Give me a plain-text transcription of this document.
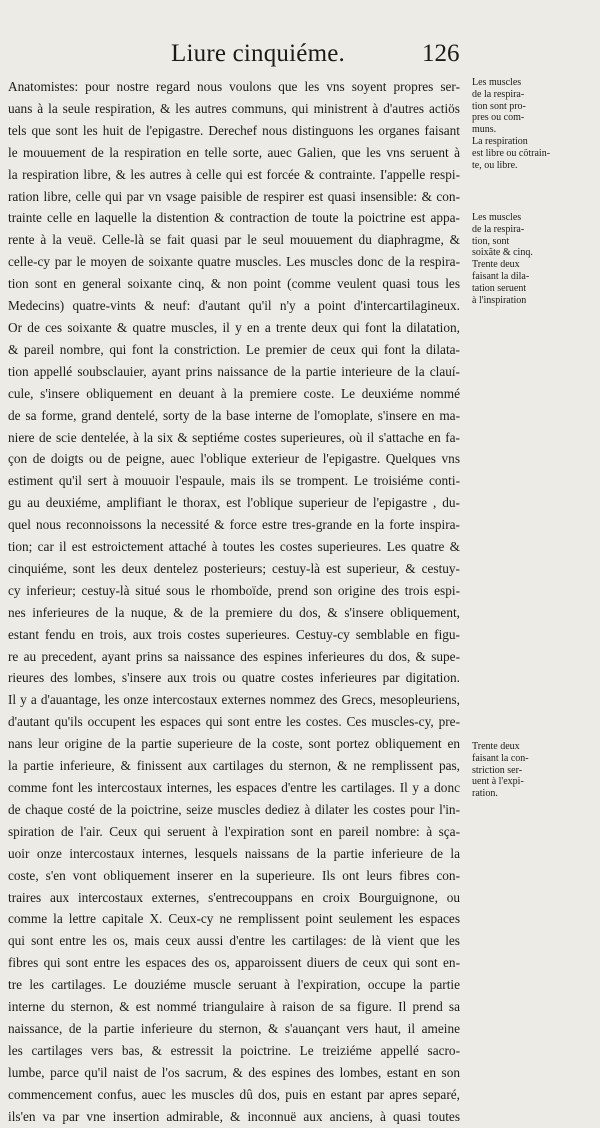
Liure cinquiéme.	126
Anatomistes: pour nostre regard nous voulons que les vns soyent propres ser-
uans à la seule respiration, & les autres communs, qui ministrent à d'autres actiös
tels que sont les huit de l'epigastre. Derechef nous distinguons les organes faisant
le mouuement de la respiration en telle sorte, auec Galien, que les vns seruent à
la respiration libre, & les autres à celle qui est forcée & contrainte. I'appelle respi-
ration libre, celle qui par vn vsage paisible de respirer est quasi insensible: & con-
trainte celle en laquelle la distention & contraction de toute la poictrine est appa-
rente à la veuë. Celle-là se fait quasi par le seul mouuement du diaphragme, &
celle-cy par le moyen de soixante quatre muscles. Les muscles donc de la respira-
tion sont en general soixante cinq, & non point (comme veulent quasi tous les
Medecins) quatre-vints & neuf: d'autant qu'il n'y a point d'intercartilagineux.
Or de ces soixante & quatre muscles, il y en a trente deux qui font la dilatation,
& pareil nombre, qui font la constriction. Le premier de ceux qui font la dilata-
tion appellé soubsclauier, ayant prins naissance de la partie interieure de la clauí-
cule, s'insere obliquement en deuant à la premiere coste. Le deuxiéme nommé
de sa forme, grand dentelé, sorty de la base interne de l'omoplate, s'insere en ma-
niere de scie dentelée, à la six & septiéme costes superieures, où il s'attache en fa-
çon de doigts ou de peigne, auec l'oblique exterieur de l'epigastre. Quelques vns
estiment qu'il sert à mouuoir l'espaule, mais ils se trompent. Le troisiéme conti-
gu au deuxiéme, amplifiant le thorax, est l'oblique superieur de l'epigastre , du-
quel nous reconnoissons la necessité & force estre tres-grande en la forte inspira-
tion; car il est estroictement attaché à toutes les costes superieures. Les quatre &
cinquiéme, sont les deux dentelez posterieurs; cestuy-là est superieur, & cestuy-
cy inferieur; cestuy-là situé sous le rhomboïde, prend son origine des trois espi-
nes inferieures de la nuque, & de la premiere du dos, & s'insere obliquement,
estant fendu en trois, aux trois costes superieures. Cestuy-cy semblable en figu-
re au precedent, ayant prins sa naissance des espines inferieures du dos, & supe-
rieures des lombes, s'insere aux trois ou quatre costes inferieures par digitation.
Il y a d'auantage, les onze intercostaux externes nommez des Grecs, mesopleuriens,
d'autant qu'ils occupent les espaces qui sont entre les costes. Ces muscles-cy, pre-
nans leur origine de la partie superieure de la coste, sont portez obliquement en
la partie inferieure, & finissent aux cartilages du sternon, & ne remplissent pas,
comme font les intercostaux internes, les espaces d'entre les cartilages. Il y a donc
de chaque costé de la poictrine, seize muscles dediez à dilater les costes pour l'in-
spiration de l'air. Ceux qui seruent à l'expiration sont en pareil nombre: à sça-
uoir onze intercostaux internes, lesquels naissans de la partie inferieure de la
coste, s'en vont obliquement inserer en la superieure. Ils ont leurs fibres con-
traires aux intercostaux externes, s'entrecouppans en croix Bourguignone, ou
comme la lettre capitale X. Ceux-cy ne remplissent point seulement les espaces
qui sont entre les os, mais ceux aussi d'entre les cartilages: de là vient que les
fibres qui sont entre les espaces des os, apparoissent diuers de ceux qui sont en-
tre les cartilages. Le douziéme muscle seruant à l'expiration, occupe la partie
interne du sternon, & est nommé triangulaire à raison de sa figure. Il prend sa
naissance, de la partie inferieure du sternon, & s'auançant vers haut, il ameine
les cartilages vers bas, & estressit la poictrine. Le treiziéme appellé sacro-
lumbe, parce qu'il naist de l'os sacrum, & des espines des lombes, estant en son
commencement confus, auec les muscles dû dos, puis en estant par apres separé,
ils'en va par vne insertion admirable, & inconnuë aux anciens, à quasi toutes
Les muscles
de la respira-
tion sont pro-
pres ou com-
muns.
La respiration
est libre ou cötrain-
te, ou libre.
Les muscles
de la respira-
tion, sont
soixãte & cinq.
Trente deux
faisant la dila-
tation seruent
à l'inspiration
Trente deux
faisant la con-
striction ser-
uent à l'expi-
ration.
